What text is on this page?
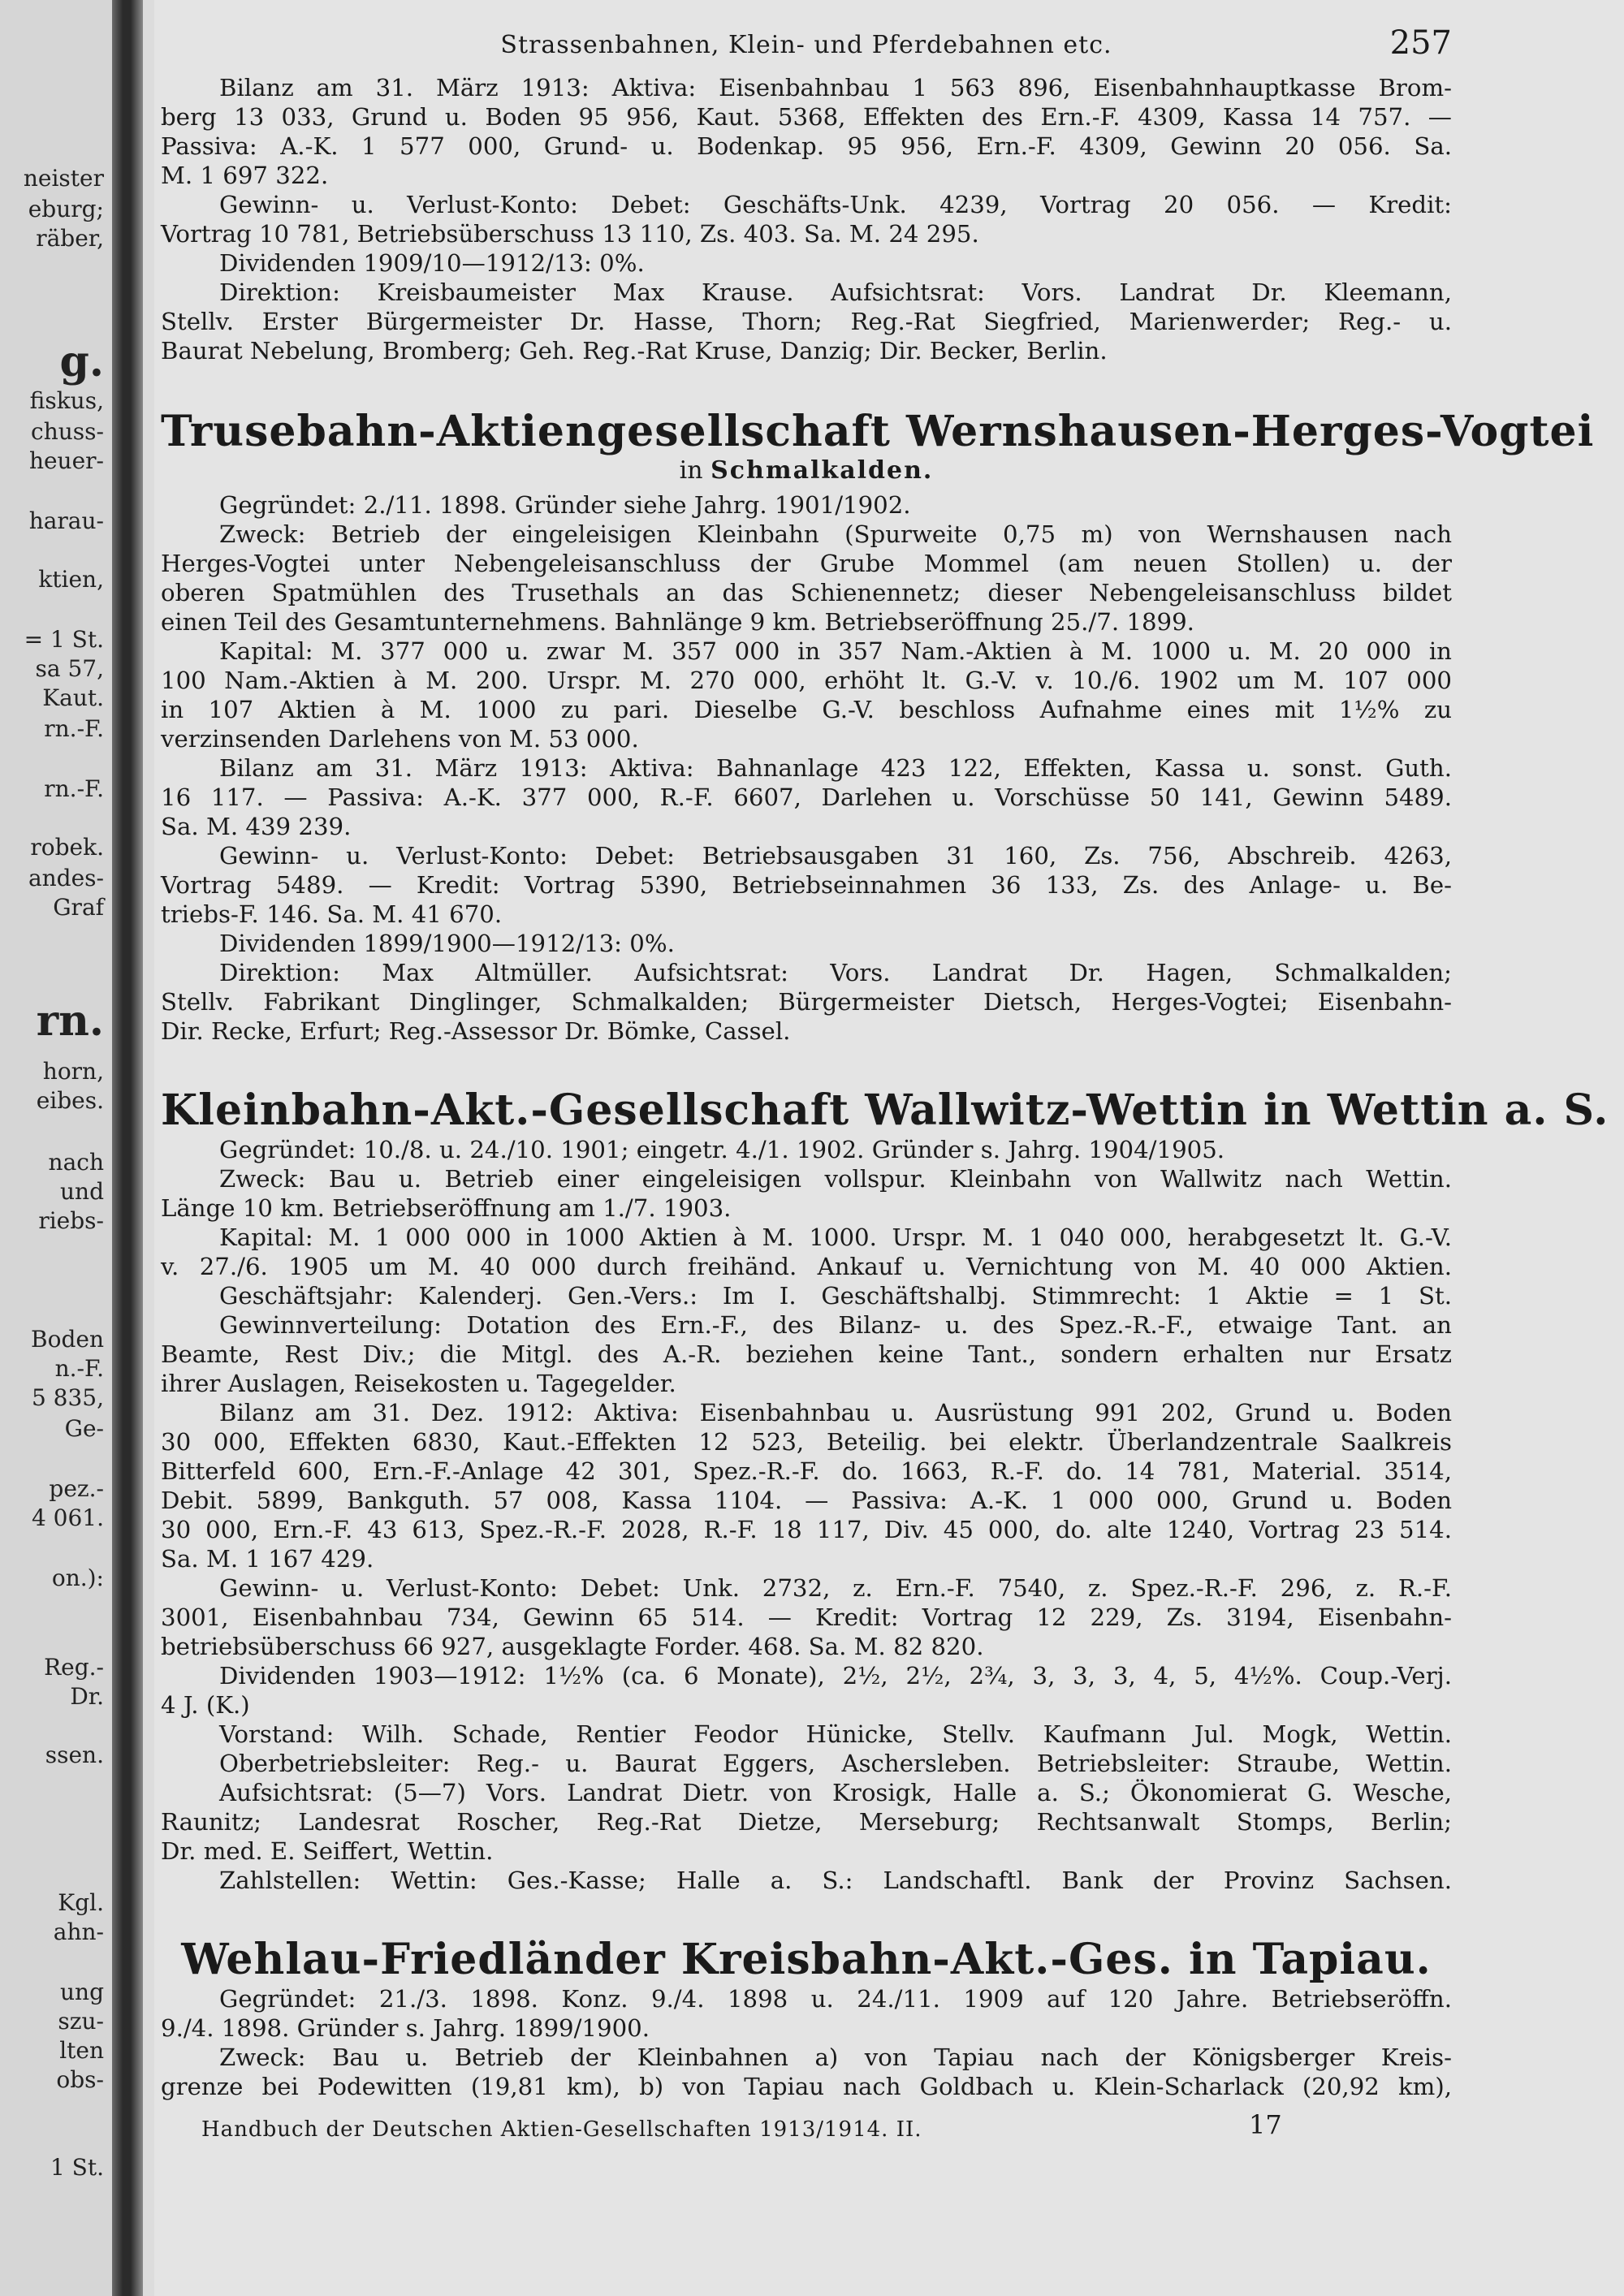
neister
eburg;
räber,
g.
fiskus,
chuss-
heuer-
harau-
ktien,
= 1 St.
sa 57,
Kaut.
rn.-F.
rn.-F.
robek.
andes-
Graf
rn.
horn,
eibes.
nach
und
riebs-
Boden
n.-F.
5 835,
Ge-
pez.-
4 061.
on.):
Reg.-
Dr.
ssen.
Kgl.
ahn-
ung
szu-
lten
obs-
1 St.
Strassenbahnen, Klein- und Pferdebahnen etc.	257

Bilanz am 31. März 1913: Aktiva: Eisenbahnbau 1 563 896, Eisenbahnhauptkasse Brom-

berg 13 033, Grund u. Boden 95 956, Kaut. 5368, Effekten des Ern.-F. 4309, Kassa 14 757. —

Passiva: A.-K. 1 577 000, Grund- u. Bodenkap. 95 956, Ern.-F. 4309, Gewinn 20 056. Sa.

M. 1 697 322.

Gewinn- u. Verlust-Konto: Debet: Geschäfts-Unk. 4239, Vortrag 20 056. — Kredit:

Vortrag 10 781, Betriebsüberschuss 13 110, Zs. 403. Sa. M. 24 295.

Dividenden 1909/10—1912/13: 0%.

Direktion: Kreisbaumeister Max Krause. Aufsichtsrat: Vors. Landrat Dr. Kleemann,

Stellv. Erster Bürgermeister Dr. Hasse, Thorn; Reg.-Rat Siegfried, Marienwerder; Reg.- u.

Baurat Nebelung, Bromberg; Geh. Reg.-Rat Kruse, Danzig; Dir. Becker, Berlin.

Trusebahn-Aktiengesellschaft Wernshausen-Herges-Vogtei

in Schmalkalden.

Gegründet: 2./11. 1898. Gründer siehe Jahrg. 1901/1902.

Zweck: Betrieb der eingeleisigen Kleinbahn (Spurweite 0,75 m) von Wernshausen nach

Herges-Vogtei unter Nebengeleisanschluss der Grube Mommel (am neuen Stollen) u. der

oberen Spatmühlen des Trusethals an das Schienennetz; dieser Nebengeleisanschluss bildet

einen Teil des Gesamtunternehmens. Bahnlänge 9 km. Betriebseröffnung 25./7. 1899.

Kapital: M. 377 000 u. zwar M. 357 000 in 357 Nam.-Aktien à M. 1000 u. M. 20 000 in

100 Nam.-Aktien à M. 200. Urspr. M. 270 000, erhöht lt. G.-V. v. 10./6. 1902 um M. 107 000

in 107 Aktien à M. 1000 zu pari. Dieselbe G.-V. beschloss Aufnahme eines mit 1½% zu

verzinsenden Darlehens von M. 53 000.

Bilanz am 31. März 1913: Aktiva: Bahnanlage 423 122, Effekten, Kassa u. sonst. Guth.

16 117. — Passiva: A.-K. 377 000, R.-F. 6607, Darlehen u. Vorschüsse 50 141, Gewinn 5489.

Sa. M. 439 239.

Gewinn- u. Verlust-Konto: Debet: Betriebsausgaben 31 160, Zs. 756, Abschreib. 4263,

Vortrag 5489. — Kredit: Vortrag 5390, Betriebseinnahmen 36 133, Zs. des Anlage- u. Be-

triebs-F. 146. Sa. M. 41 670.

Dividenden 1899/1900—1912/13: 0%.

Direktion: Max Altmüller. Aufsichtsrat: Vors. Landrat Dr. Hagen, Schmalkalden;

Stellv. Fabrikant Dinglinger, Schmalkalden; Bürgermeister Dietsch, Herges-Vogtei; Eisenbahn-

Dir. Recke, Erfurt; Reg.-Assessor Dr. Bömke, Cassel.

Kleinbahn-Akt.-Gesellschaft Wallwitz-Wettin in Wettin a. S.

Gegründet: 10./8. u. 24./10. 1901; eingetr. 4./1. 1902. Gründer s. Jahrg. 1904/1905.

Zweck: Bau u. Betrieb einer eingeleisigen vollspur. Kleinbahn von Wallwitz nach Wettin.

Länge 10 km. Betriebseröffnung am 1./7. 1903.

Kapital: M. 1 000 000 in 1000 Aktien à M. 1000. Urspr. M. 1 040 000, herabgesetzt lt. G.-V.

v. 27./6. 1905 um M. 40 000 durch freihänd. Ankauf u. Vernichtung von M. 40 000 Aktien.

Geschäftsjahr: Kalenderj. Gen.-Vers.: Im I. Geschäftshalbj. Stimmrecht: 1 Aktie = 1 St.

Gewinnverteilung: Dotation des Ern.-F., des Bilanz- u. des Spez.-R.-F., etwaige Tant. an

Beamte, Rest Div.; die Mitgl. des A.-R. beziehen keine Tant., sondern erhalten nur Ersatz

ihrer Auslagen, Reisekosten u. Tagegelder.

Bilanz am 31. Dez. 1912: Aktiva: Eisenbahnbau u. Ausrüstung 991 202, Grund u. Boden

30 000, Effekten 6830, Kaut.-Effekten 12 523, Beteilig. bei elektr. Überlandzentrale Saalkreis

Bitterfeld 600, Ern.-F.-Anlage 42 301, Spez.-R.-F. do. 1663, R.-F. do. 14 781, Material. 3514,

Debit. 5899, Bankguth. 57 008, Kassa 1104. — Passiva: A.-K. 1 000 000, Grund u. Boden

30 000, Ern.-F. 43 613, Spez.-R.-F. 2028, R.-F. 18 117, Div. 45 000, do. alte 1240, Vortrag 23 514.

Sa. M. 1 167 429.

Gewinn- u. Verlust-Konto: Debet: Unk. 2732, z. Ern.-F. 7540, z. Spez.-R.-F. 296, z. R.-F.

3001, Eisenbahnbau 734, Gewinn 65 514. — Kredit: Vortrag 12 229, Zs. 3194, Eisenbahn-

betriebsüberschuss 66 927, ausgeklagte Forder. 468. Sa. M. 82 820.

Dividenden 1903—1912: 1½% (ca. 6 Monate), 2½, 2½, 2¾, 3, 3, 3, 4, 5, 4½%. Coup.-Verj.

4 J. (K.)

Vorstand: Wilh. Schade, Rentier Feodor Hünicke, Stellv. Kaufmann Jul. Mogk, Wettin.

Oberbetriebsleiter: Reg.- u. Baurat Eggers, Aschersleben. Betriebsleiter: Straube, Wettin.

Aufsichtsrat: (5—7) Vors. Landrat Dietr. von Krosigk, Halle a. S.; Ökonomierat G. Wesche,

Raunitz; Landesrat Roscher, Reg.-Rat Dietze, Merseburg; Rechtsanwalt Stomps, Berlin;

Dr. med. E. Seiffert, Wettin.

Zahlstellen: Wettin: Ges.-Kasse; Halle a. S.: Landschaftl. Bank der Provinz Sachsen.

Wehlau-Friedländer Kreisbahn-Akt.-Ges. in Tapiau.

Gegründet: 21./3. 1898. Konz. 9./4. 1898 u. 24./11. 1909 auf 120 Jahre. Betriebseröffn.

9./4. 1898. Gründer s. Jahrg. 1899/1900.

Zweck: Bau u. Betrieb der Kleinbahnen a) von Tapiau nach der Königsberger Kreis-

grenze bei Podewitten (19,81 km), b) von Tapiau nach Goldbach u. Klein-Scharlack (20,92 km),

Handbuch der Deutschen Aktien-Gesellschaften 1913/1914. II.	17
